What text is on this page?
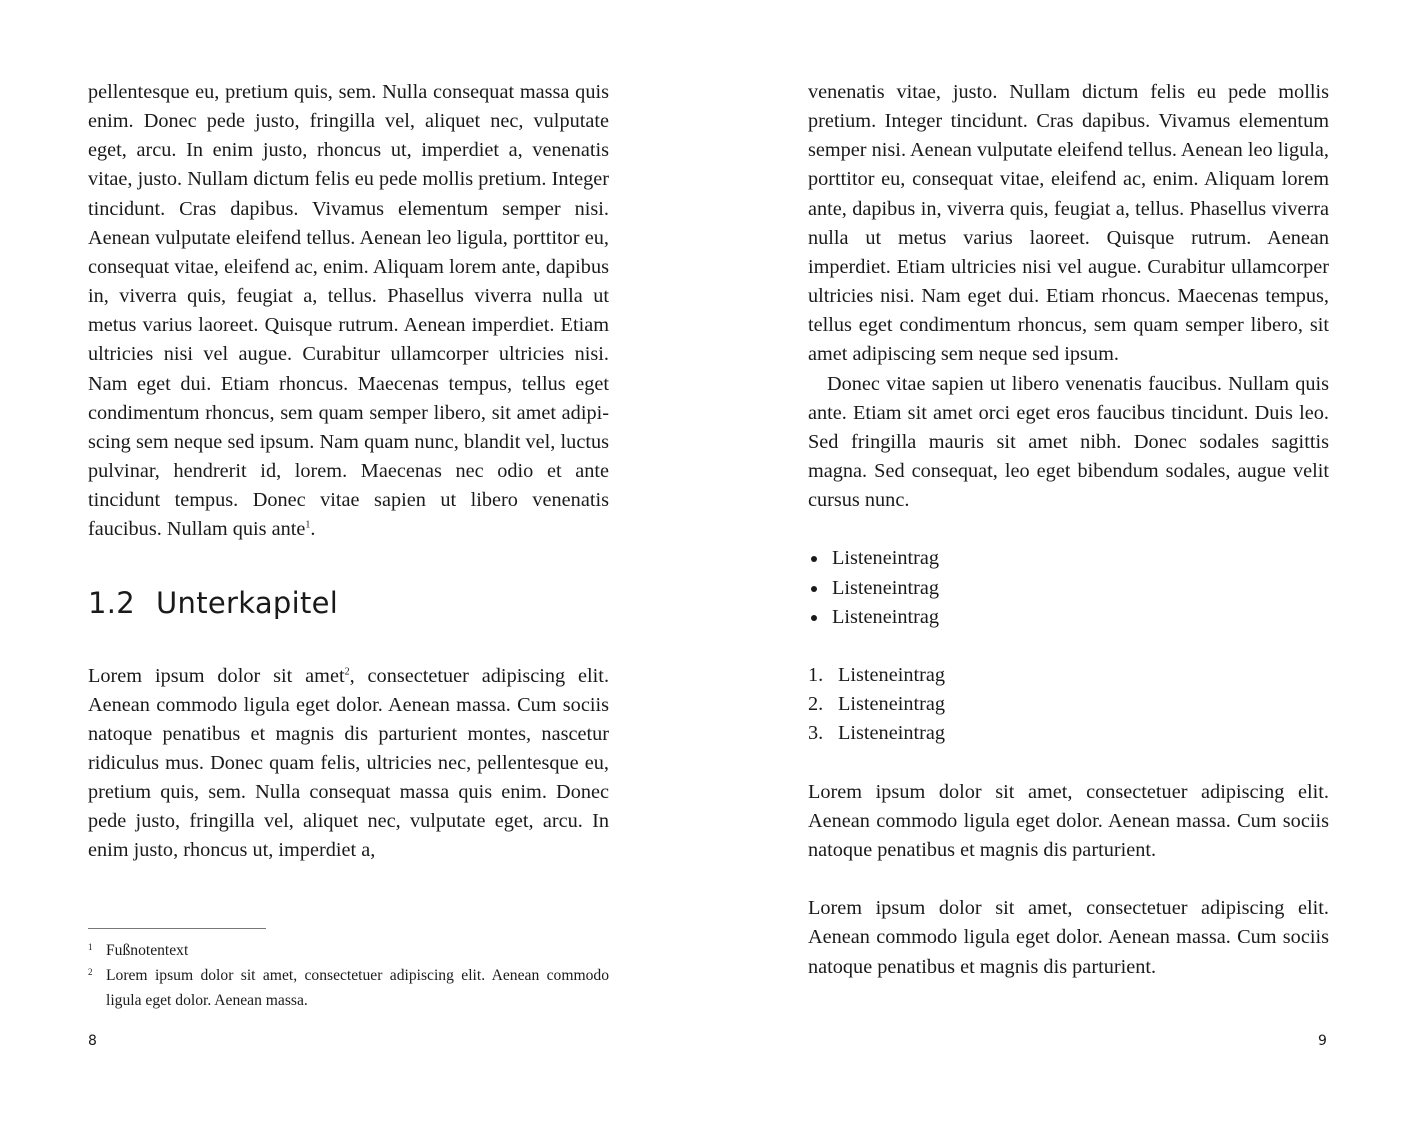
pellentesque eu, pretium quis, sem. Nulla consequat massa quis enim. Donec pede justo, fringilla vel, aliquet nec, vulputate eget, arcu. In enim justo, rhoncus ut, imperdiet a, venenatis vitae, justo. Nullam dictum felis eu pede mollis pretium. Integer tincidunt. Cras dapibus. Vivamus elementum semper nisi. Aenean vulputate eleifend tellus. Aenean leo ligula, porttitor eu, consequat vitae, eleifend ac, enim. Aliquam lorem ante, dapibus in, viverra quis, feugiat a, tellus. Phasellus viverra nulla ut metus varius laoreet. Quisque rutrum. Aenean imperdiet. Etiam ultricies nisi vel augue. Curabitur ullamcorper ultricies nisi. Nam eget dui. Etiam rhoncus. Maecenas tempus, tellus eget condimentum rhoncus, sem quam semper libero, sit amet adipiscing sem neque sed ipsum. Nam quam nunc, blandit vel, luctus pulvinar, hendrerit id, lorem. Maecenas nec odio et ante tincidunt tempus. Donec vitae sapien ut libero venenatis faucibus. Nullam quis ante$^1$.

1.2 Unterkapitel

Lorem ipsum dolor sit amet$^2$, consectetuer adipiscing elit. Aenean commodo ligula eget dolor. Aenean massa. Cum sociis natoque penatibus et magnis dis parturient montes, nascetur ridiculus mus. Donec quam felis, ultricies nec, pellentesque eu, pretium quis, sem. Nulla consequat massa quis enim. Donec pede justo, fringilla vel, aliquet nec, vulputate eget, arcu. In enim justo, rhoncus ut, imperdiet a,

1 Fußnotentext

2 Lorem ipsum dolor sit amet, consectetuer adipiscing elit. Aenean commodo ligula eget dolor. Aenean massa.

8

venenatis vitae, justo. Nullam dictum felis eu pede mollis pretium. Integer tincidunt. Cras dapibus. Vivamus elementum semper nisi. Aenean vulputate eleifend tellus. Aenean leo ligula, porttitor eu, consequat vitae, eleifend ac, enim. Aliquam lorem ante, dapibus in, viverra quis, feugiat a, tellus. Phasellus viverra nulla ut metus varius laoreet. Quisque rutrum. Aenean imperdiet. Etiam ultricies nisi vel augue. Curabitur ullamcorper ultricies nisi. Nam eget dui. Etiam rhoncus. Maecenas tempus, tellus eget condimentum rhoncus, sem quam semper libero, sit amet adipiscing sem neque sed ipsum.

Donec vitae sapien ut libero venenatis faucibus. Nullam quis ante. Etiam sit amet orci eget eros faucibus tincidunt. Duis leo. Sed fringilla mauris sit amet nibh. Donec sodales sagittis magna. Sed consequat, leo eget bibendum sodales, augue velit cursus nunc.

Listeneintrag
Listeneintrag
Listeneintrag
1. Listeneintrag
2. Listeneintrag
3. Listeneintrag

Lorem ipsum dolor sit amet, consectetuer adipiscing elit. Aenean commodo ligula eget dolor. Aenean massa. Cum sociis natoque penatibus et magnis dis parturient.

Lorem ipsum dolor sit amet, consectetuer adipiscing elit. Aenean commodo ligula eget dolor. Aenean massa. Cum sociis natoque penatibus et magnis dis parturient.

9
